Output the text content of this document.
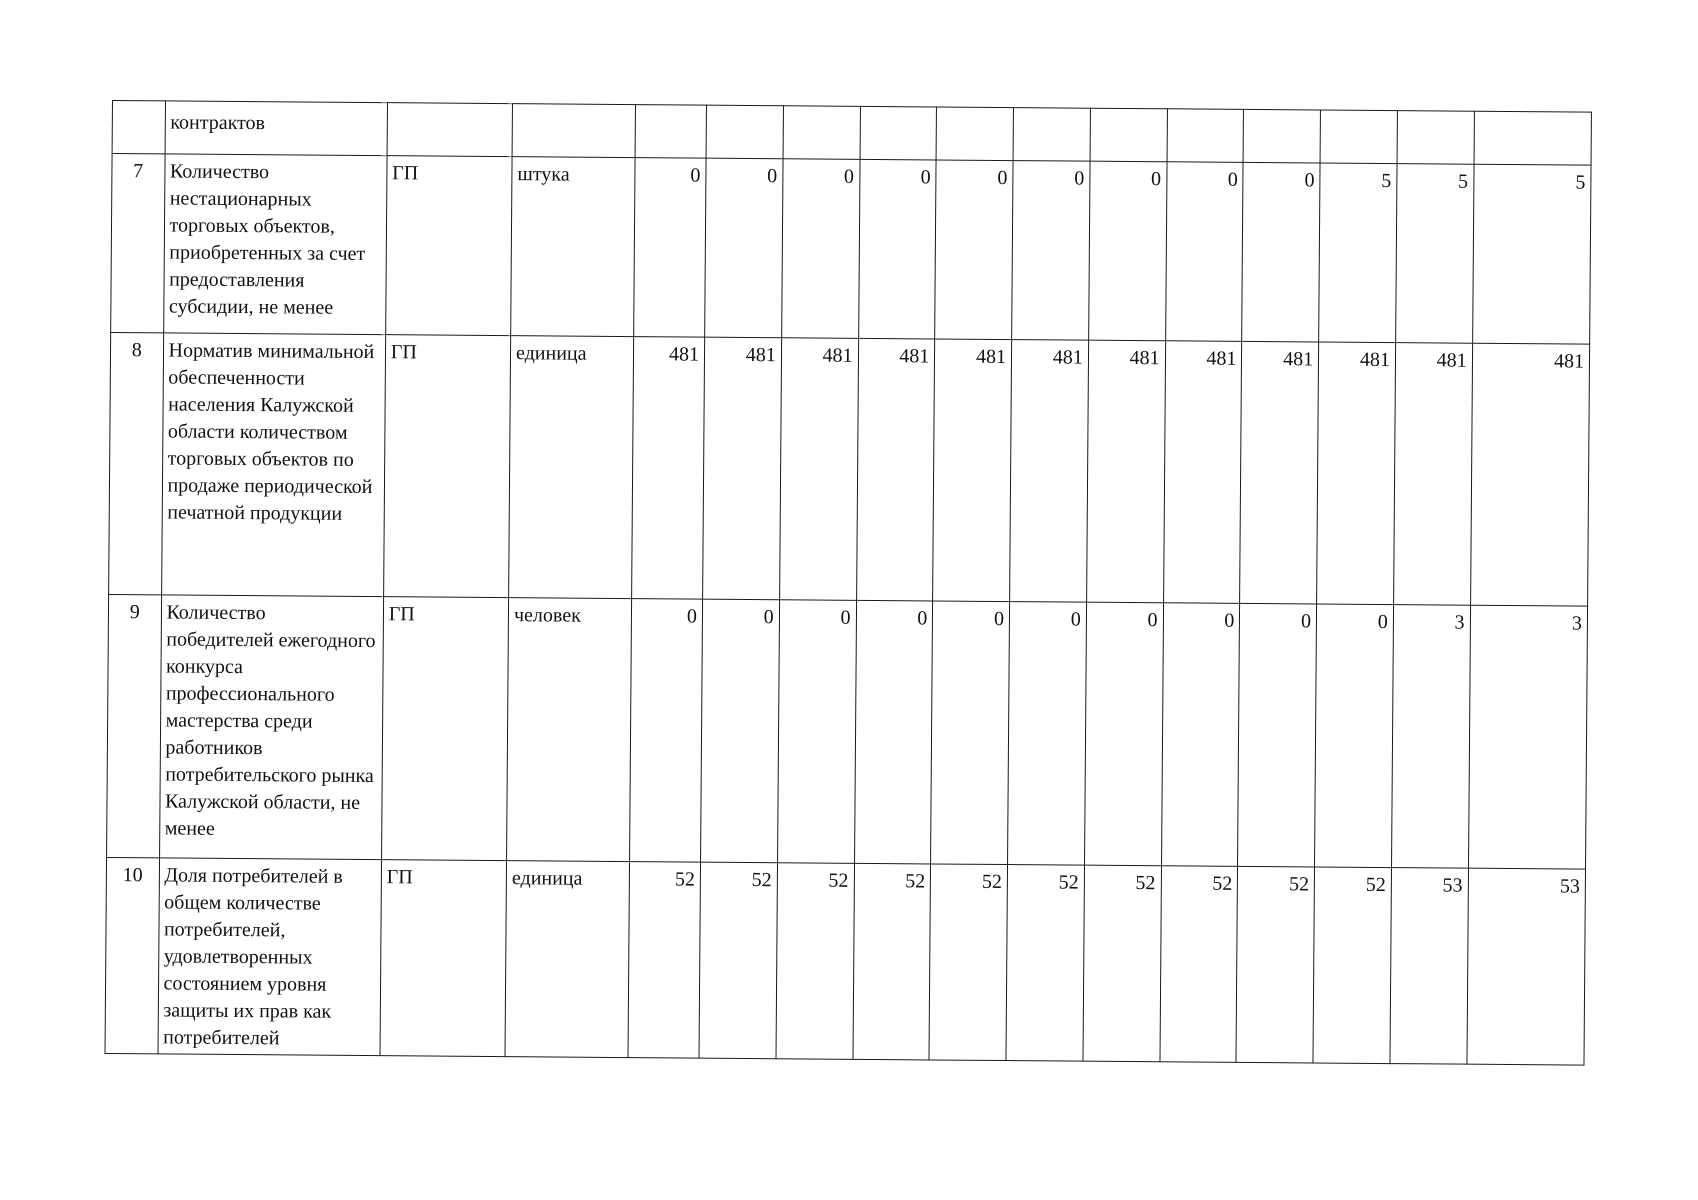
	контрактов														
7	Количество нестационарных торговых объектов, приобретенных за счет предоставления субсидии, не менее	ГП	штука	0	0	0	0	0	0	0	0	0	5	5	5
8	Норматив минимальной обеспеченности населения Калужской области количеством торговых объектов по продаже периодической печатной продукции	ГП	единица	481	481	481	481	481	481	481	481	481	481	481	481
9	Количество победителей ежегодного конкурса профессионального мастерства среди работников потребительского рынка Калужской области, не менее	ГП	человек	0	0	0	0	0	0	0	0	0	0	3	3
10	Доля потребителей в общем количестве потребителей, удовлетворенных состоянием уровня защиты их прав как потребителей	ГП	единица	52	52	52	52	52	52	52	52	52	52	53	53
